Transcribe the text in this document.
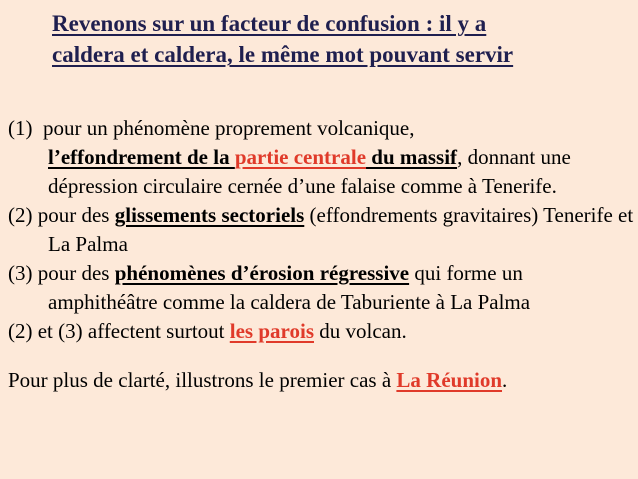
Revenons sur un facteur de confusion : il y a
caldera et caldera, le même mot pouvant servir

(1) pour un phénomène proprement volcanique,
l’effondrement de la partie centrale du massif, donnant une dépression circulaire cernée d’une falaise comme à Tenerife.

(2) pour des glissements sectoriels (effondrements gravitaires) Tenerife et La Palma

(3) pour des phénomènes d’érosion régressive qui forme un amphithéâtre comme la caldera de Taburiente à La Palma

(2) et (3) affectent surtout les parois du volcan.

Pour plus de clarté, illustrons le premier cas à La Réunion.
